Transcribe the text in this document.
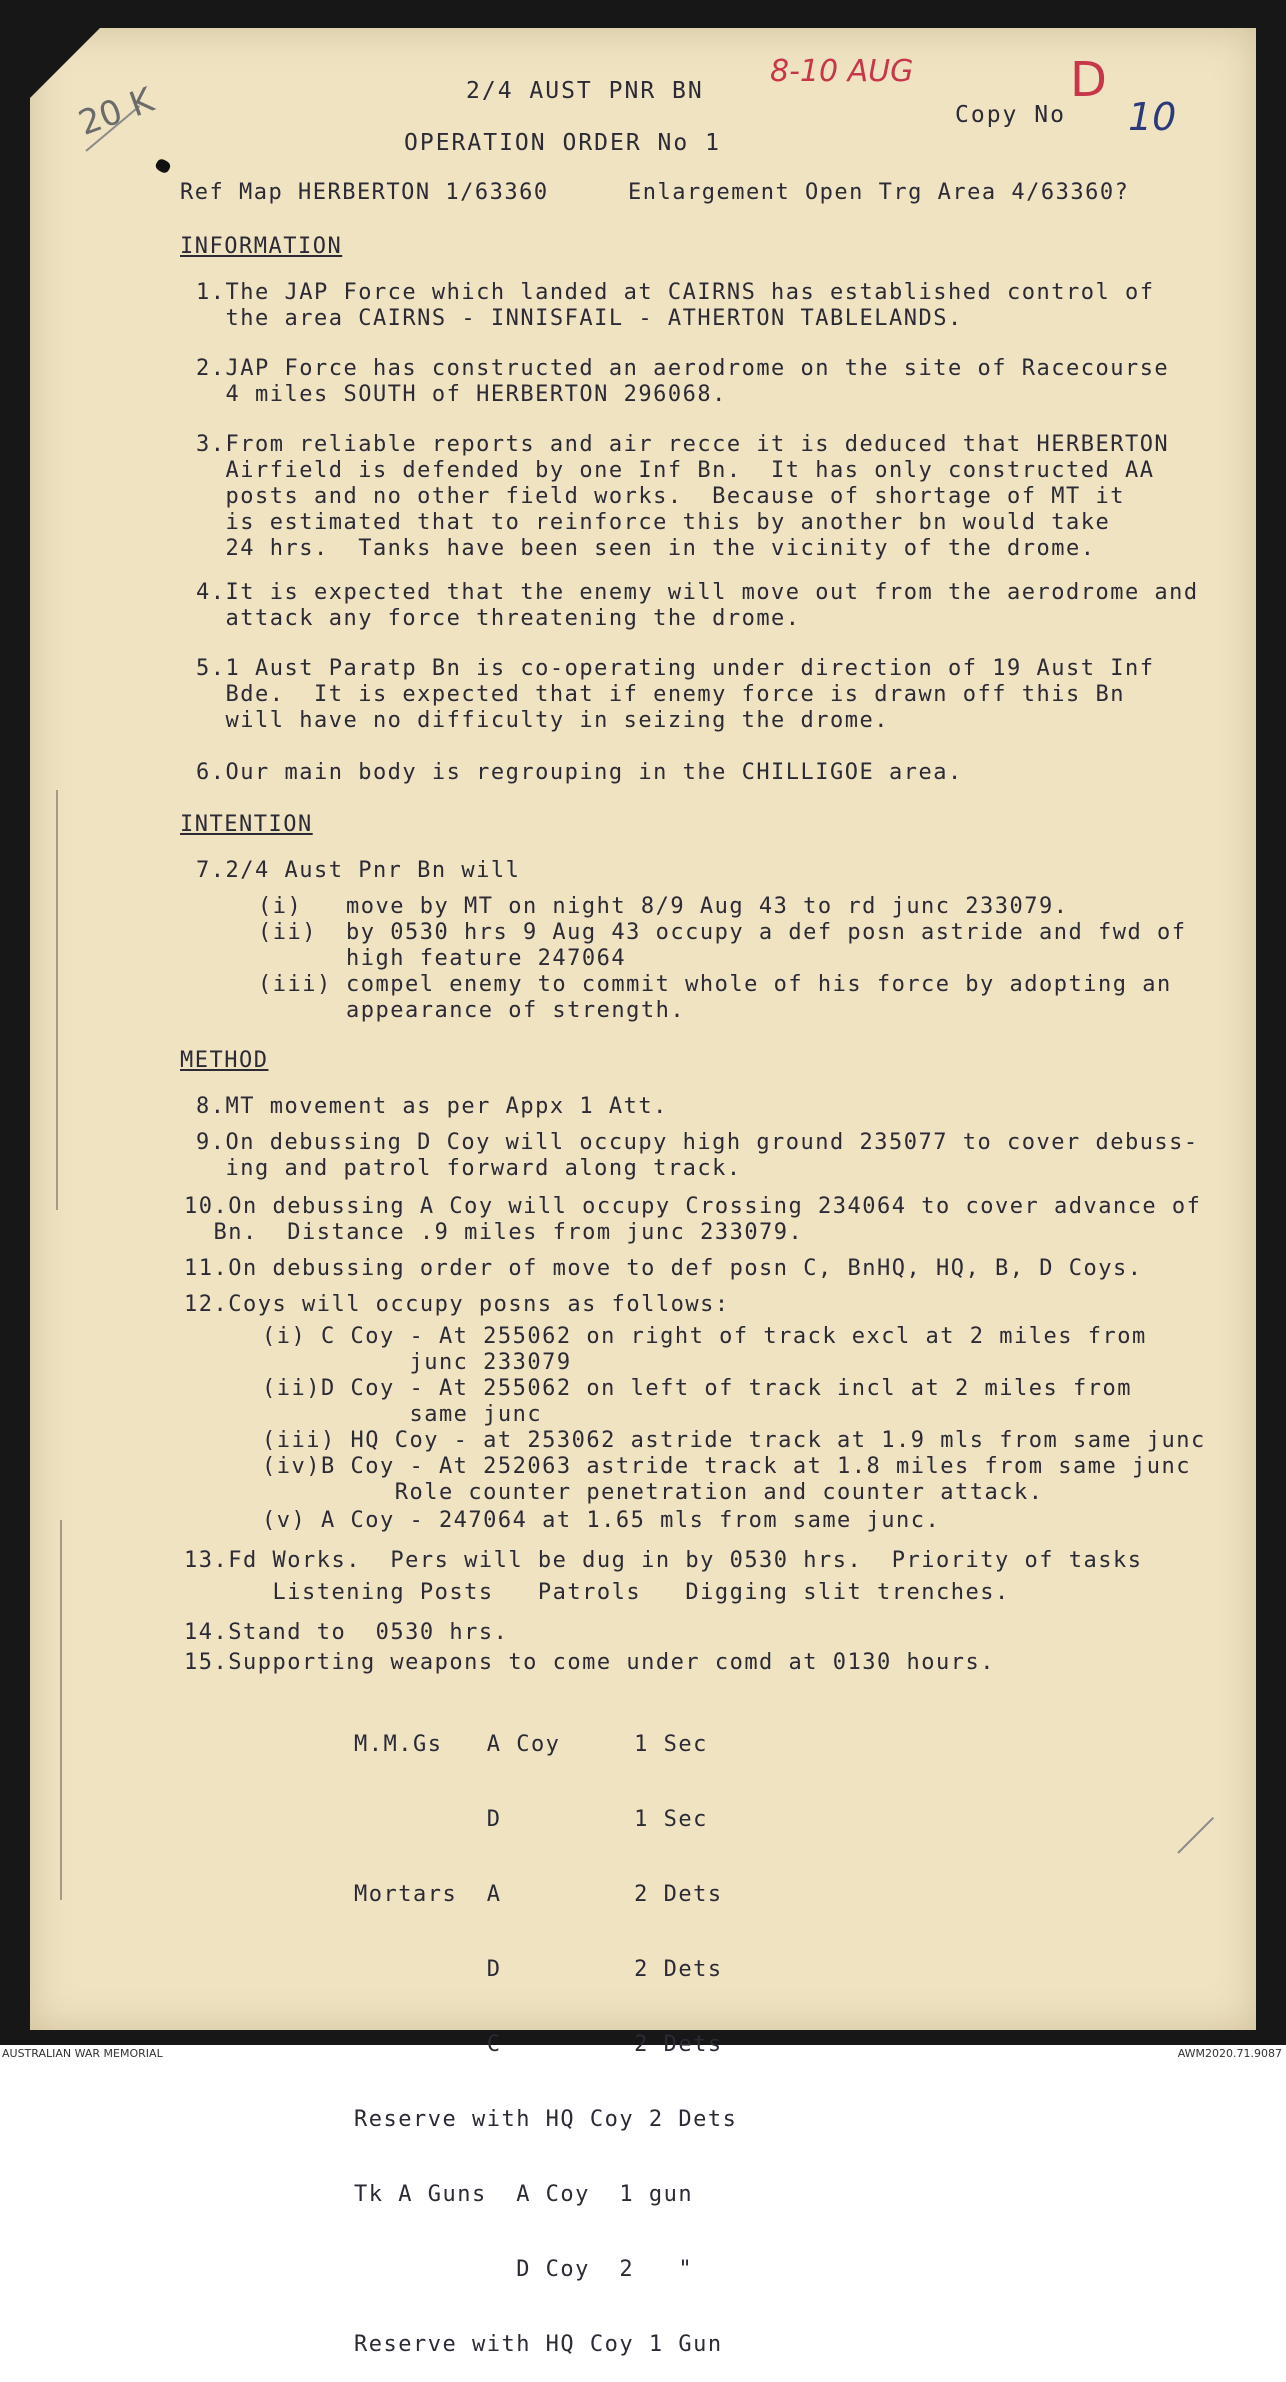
20 K
8-10 AUG	D
10
2/4 AUST PNR BN
Copy No
OPERATION ORDER No 1
Ref Map HERBERTON 1/63360	Enlargement Open Trg Area 4/63360?
INFORMATION
1.The JAP Force which landed at CAIRNS has established control of
the area CAIRNS - INNISFAIL - ATHERTON TABLELANDS.
2.JAP Force has constructed an aerodrome on the site of Racecourse
4 miles SOUTH of HERBERTON 296068.
3.From reliable reports and air recce it is deduced that HERBERTON
Airfield is defended by one Inf Bn.  It has only constructed AA
posts and no other field works.  Because of shortage of MT it
is estimated that to reinforce this by another bn would take
24 hrs.  Tanks have been seen in the vicinity of the drome.
4.It is expected that the enemy will move out from the aerodrome and
attack any force threatening the drome.
5.1 Aust Paratp Bn is co-operating under direction of 19 Aust Inf
Bde.  It is expected that if enemy force is drawn off this Bn
will have no difficulty in seizing the drome.
6.Our main body is regrouping in the CHILLIGOE area.
INTENTION
7.2/4 Aust Pnr Bn will
(i) move by MT on night 8/9 Aug 43 to rd junc 233079.
(ii) by 0530 hrs 9 Aug 43 occupy a def posn astride and fwd of
high feature 247064
(iii) compel enemy to commit whole of his force by adopting an
appearance of strength.
METHOD
8.MT movement as per Appx 1 Att.
9.On debussing D Coy will occupy high ground 235077 to cover debuss-
ing and patrol forward along track.
10.On debussing A Coy will occupy Crossing 234064 to cover advance of
Bn.  Distance .9 miles from junc 233079.
11.On debussing order of move to def posn C, BnHQ, HQ, B, D Coys.
12.Coys will occupy posns as follows:
(i) C Coy - At 255062 on right of track excl at 2 miles from
junc 233079
(ii)D Coy - At 255062 on left of track incl at 2 miles from
same junc
(iii) HQ Coy - at 253062 astride track at 1.9 mls from same junc
(iv)B Coy - At 252063 astride track at 1.8 miles from same junc
Role counter penetration and counter attack.
(v) A Coy - 247064 at 1.65 mls from same junc.
13.Fd Works.  Pers will be dug in by 0530 hrs.  Priority of tasks
Listening Posts   Patrols   Digging slit trenches.
14.Stand to  0530 hrs.
15.Supporting weapons to come under comd at 0130 hours.

M.M.Gs   A Coy     1 Sec

D         1 Sec

Mortars  A         2 Dets

D         2 Dets

C         2 Dets

Reserve with HQ Coy 2 Dets

Tk A Guns  A Coy  1 gun

D Coy  2   "

Reserve with HQ Coy 1 Gun

AUSTRALIAN WAR MEMORIAL	AWM2020.71.9087
